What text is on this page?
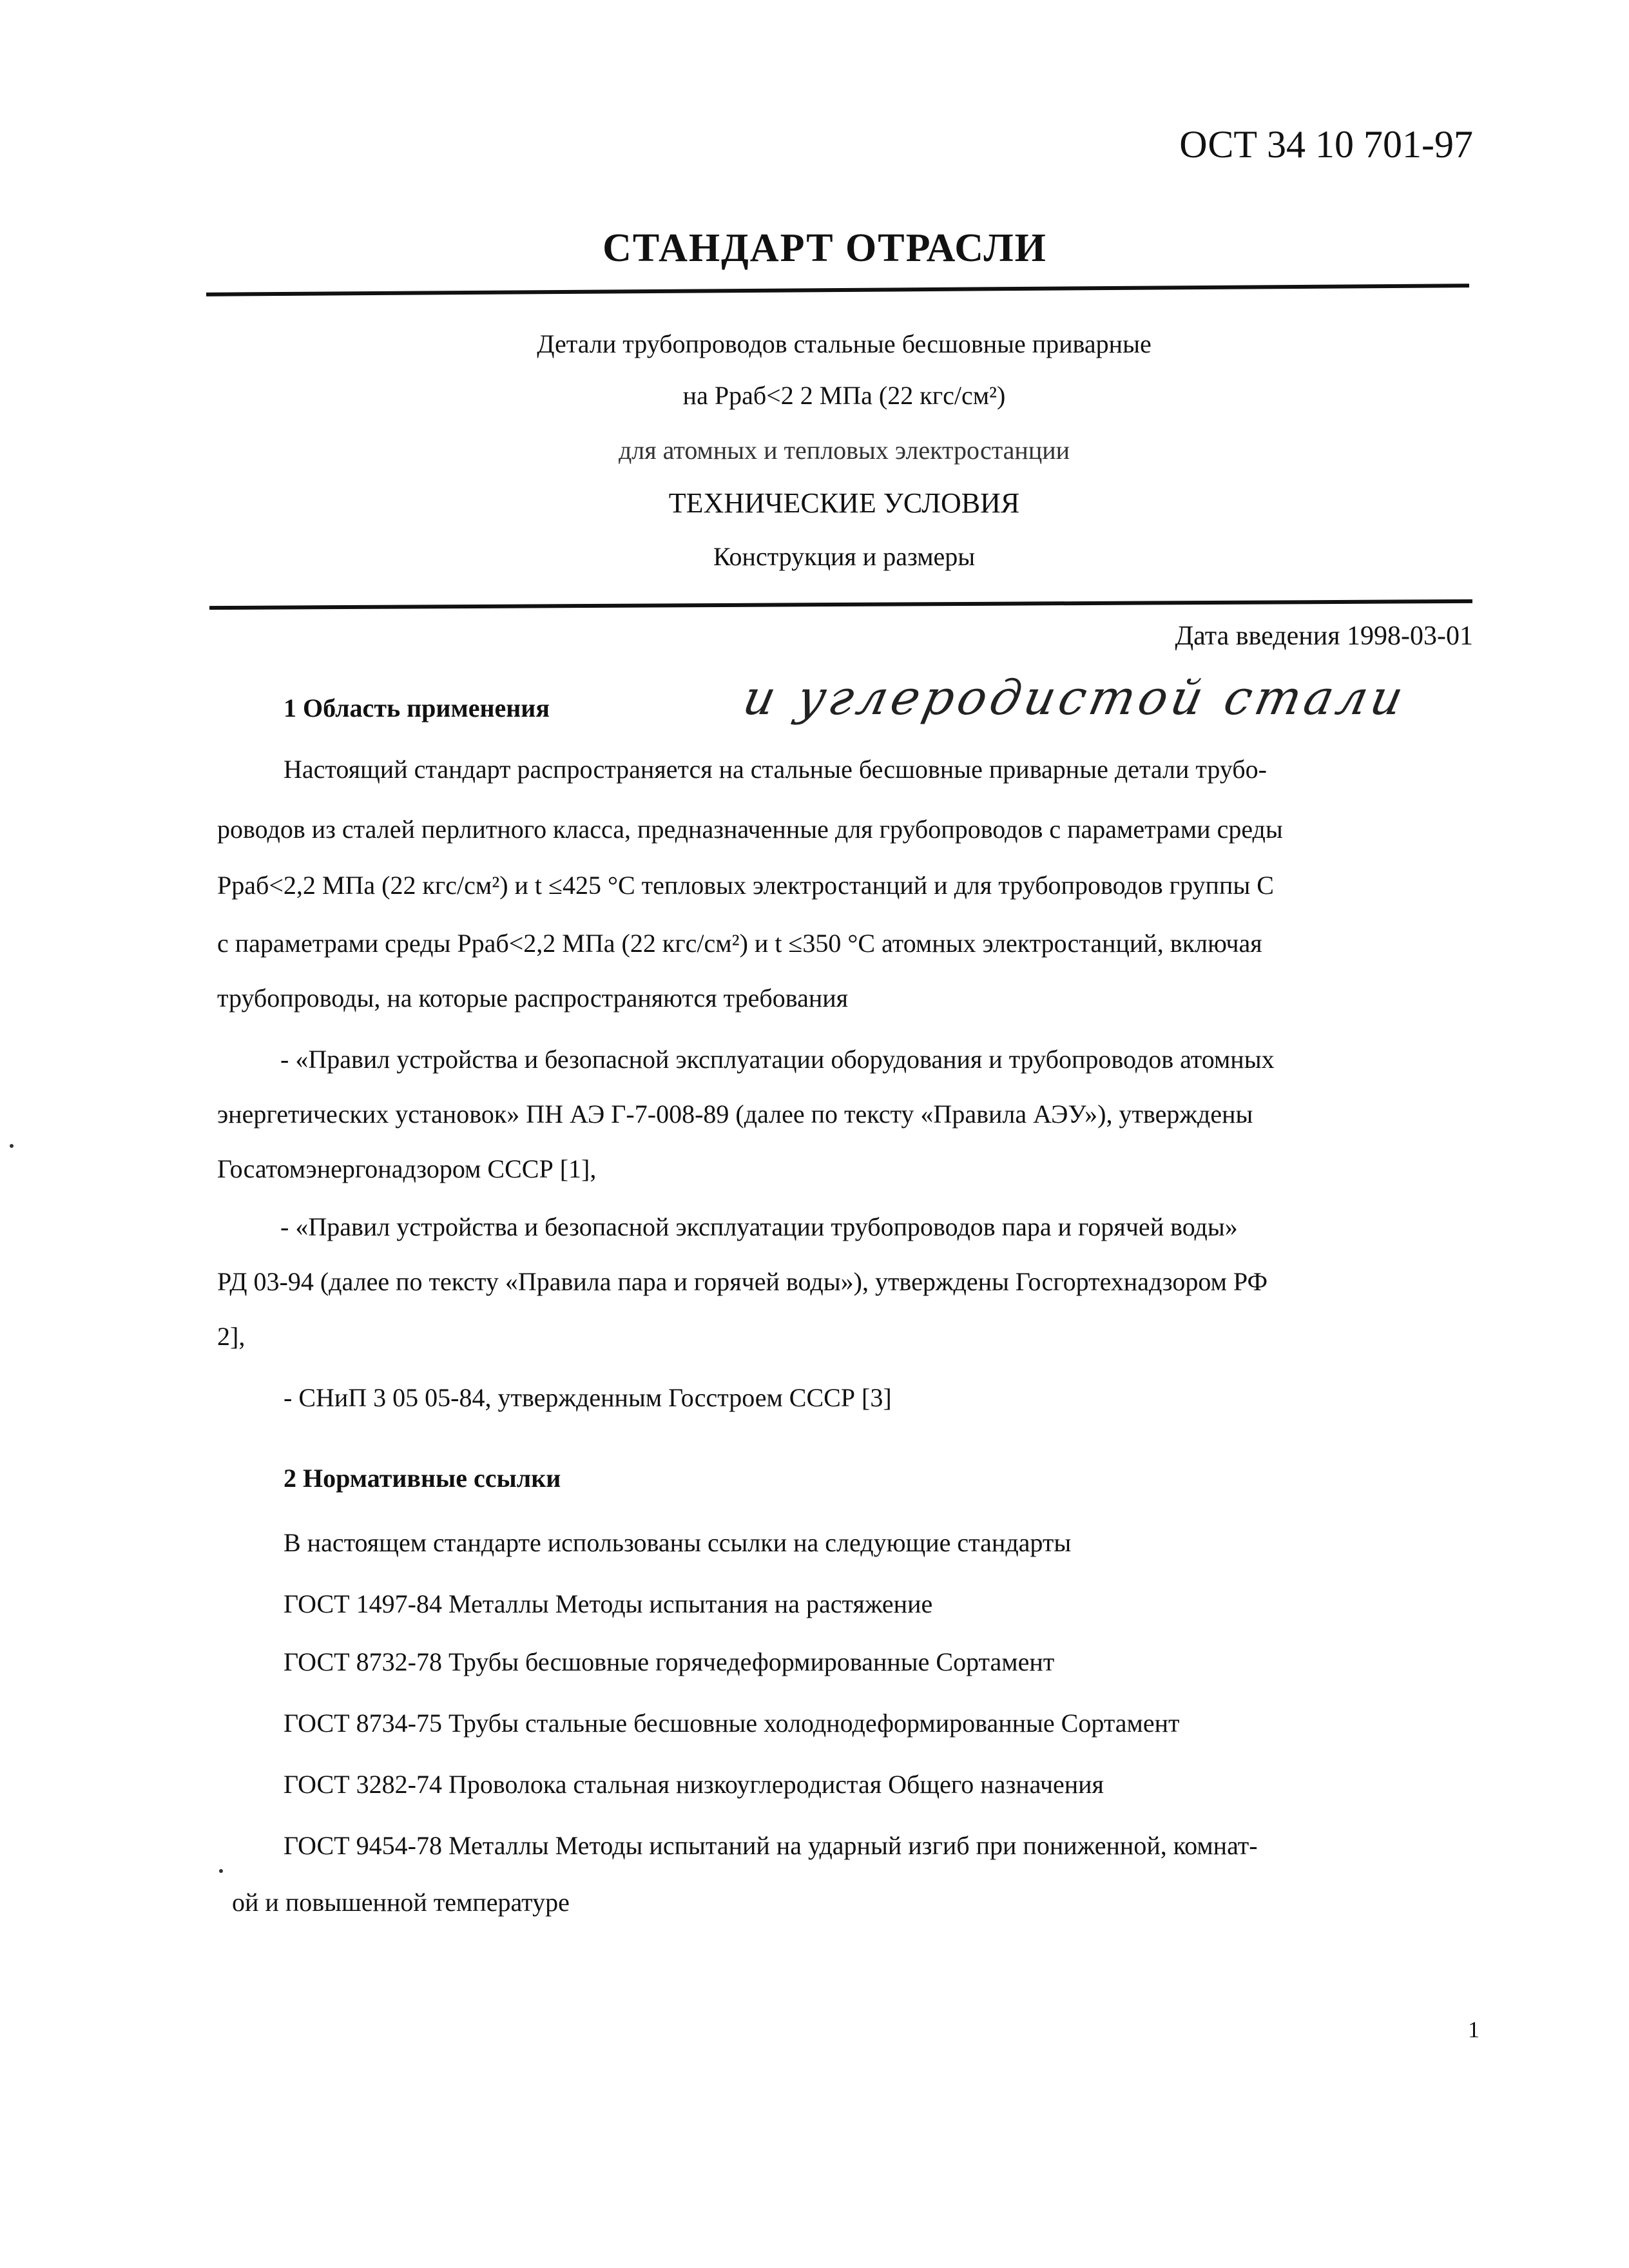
ОСТ 34 10 701-97
СТАНДАРТ ОТРАСЛИ
Детали трубопроводов стальные бесшовные приварные
на Рраб<2 2 МПа (22 кгс/см²)
для атомных и тепловых электростанции
ТЕХНИЧЕСКИЕ УСЛОВИЯ
Конструкция и размеры
Дата введения 1998-03-01
и углеродистой стали
1 Область применения
Настоящий стандарт распространяется на стальные бесшовные приварные детали трубо-
роводов из сталей перлитного класса, предназначенные для грубопроводов с параметрами среды
Рраб<2,2 МПа (22 кгс/см²) и t ≤425 °С тепловых электростанций и для трубопроводов группы С
с параметрами среды Рраб<2,2 МПа (22 кгс/см²) и t ≤350 °С атомных электростанций, включая
трубопроводы, на которые распространяются требования
- «Правил устройства и безопасной эксплуатации оборудования и трубопроводов атомных
энергетических установок» ПН АЭ Г-7-008-89 (далее по тексту «Правила АЭУ»), утверждены
Госатомэнергонадзором СССР [1],
- «Правил устройства и безопасной эксплуатации трубопроводов пара и горячей воды»
РД 03-94 (далее по тексту «Правила пара и горячей воды»), утверждены Госгортехнадзором РФ
2],
- СНиП 3 05 05-84, утвержденным Госстроем СССР [3]
2 Нормативные ссылки
В настоящем стандарте использованы ссылки на следующие стандарты
ГОСТ 1497-84 Металлы Методы испытания на растяжение
ГОСТ 8732-78 Трубы бесшовные горячедеформированные Сортамент
ГОСТ 8734-75 Трубы стальные бесшовные холоднодеформированные Сортамент
ГОСТ 3282-74 Проволока стальная низкоуглеродистая Общего назначения
ГОСТ 9454-78 Металлы Методы испытаний на ударный изгиб при пониженной, комнат-
ой и повышенной температуре
1
